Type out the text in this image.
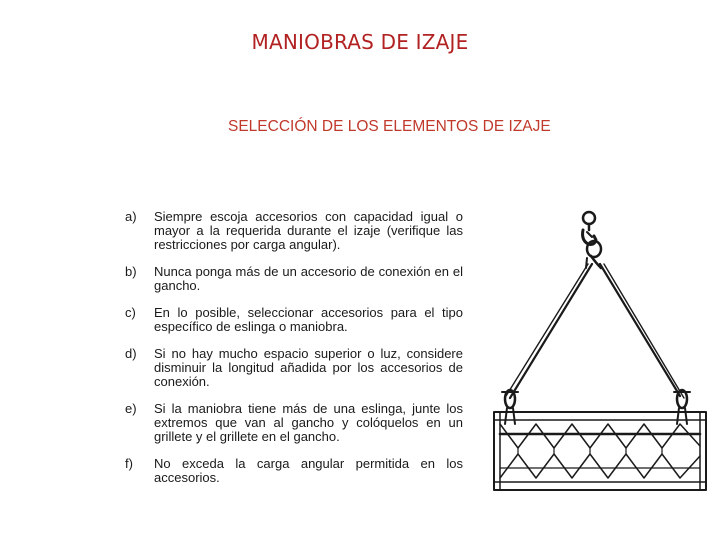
MANIOBRAS DE IZAJE
SELECCIÓN DE LOS ELEMENTOS DE IZAJE
a) Siempre escoja accesorios con capacidad igual o mayor a la requerida durante el izaje (verifique las restricciones por carga angular).
b) Nunca ponga más de un accesorio de conexión en el gancho.
c) En lo posible, seleccionar accesorios para el tipo específico de eslinga o maniobra.
d) Si no hay mucho espacio superior o luz, considere disminuir la longitud añadida por los accesorios de conexión.
e) Si la maniobra tiene más de una eslinga, junte los extremos que van al gancho y colóquelos en un grillete y el grillete en el gancho.
f) No exceda la carga angular permitida en los accesorios.
